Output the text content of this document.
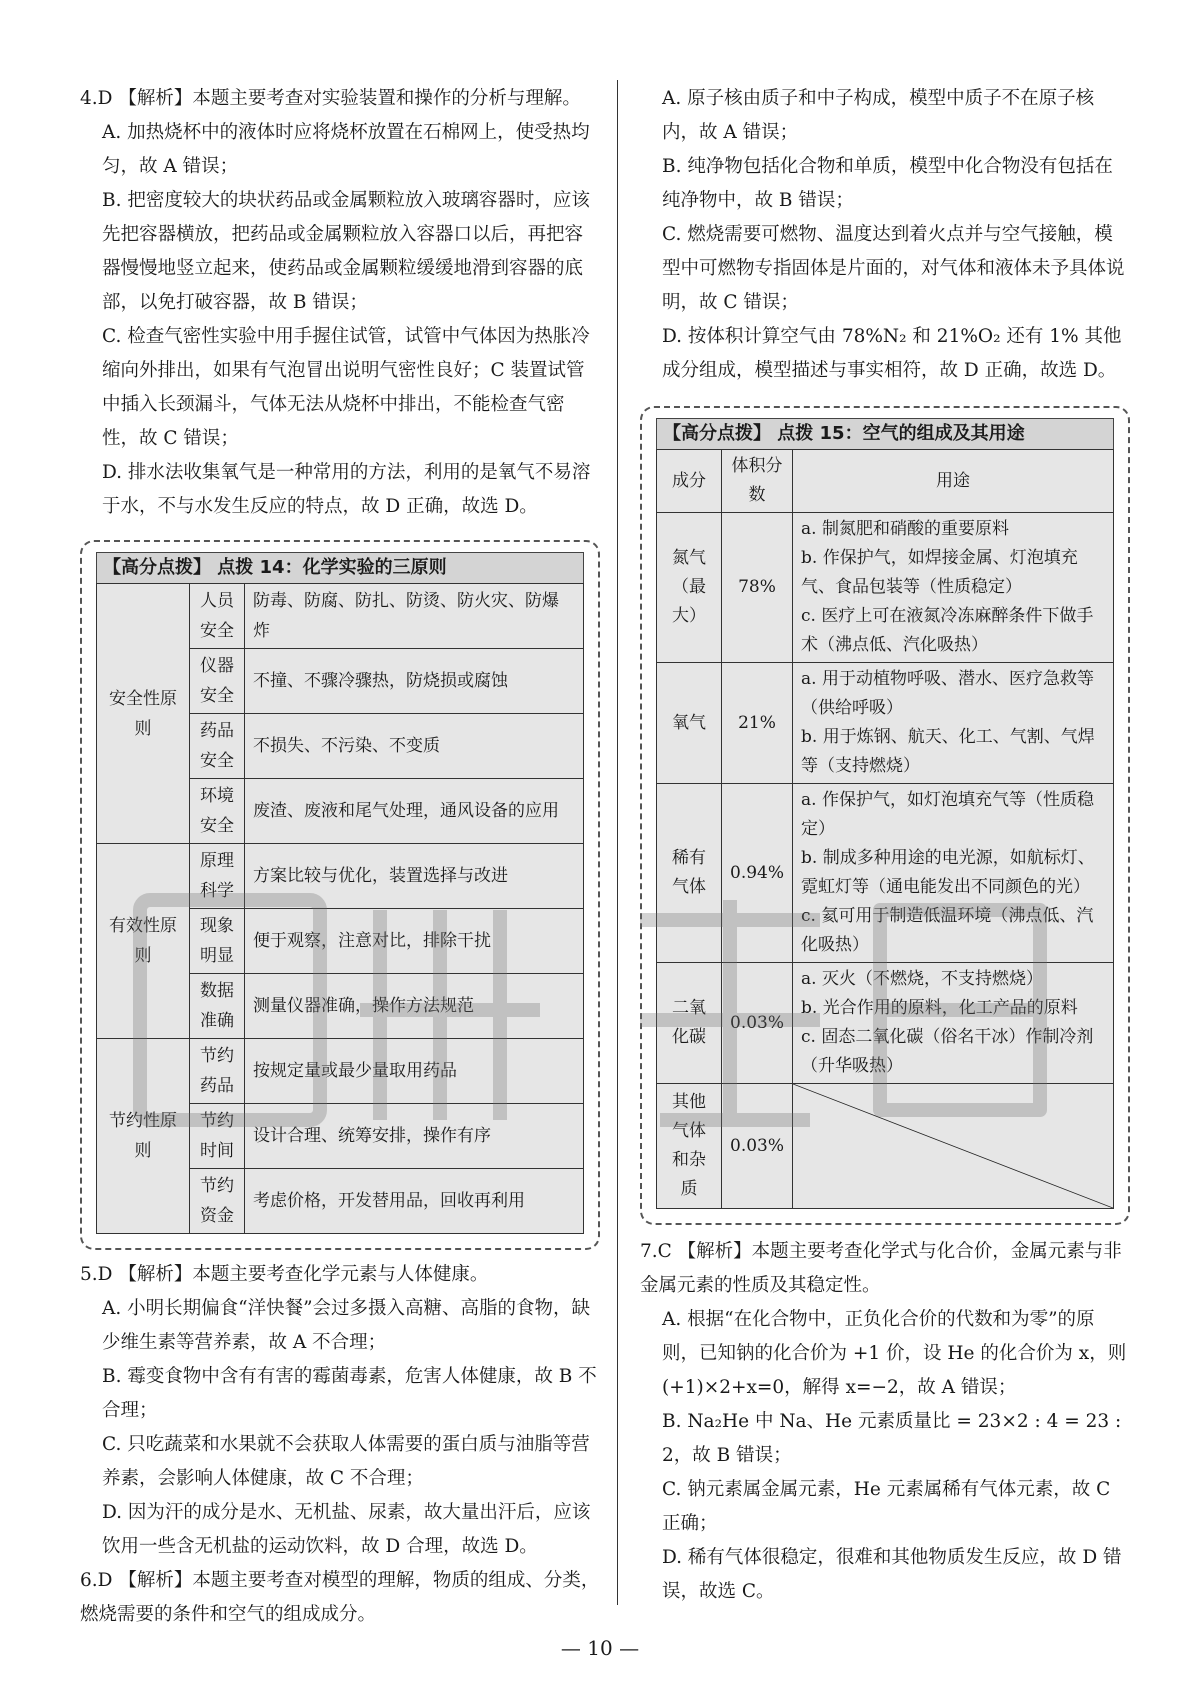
4.D 【解析】本题主要考查对实验装置和操作的分析与理解。

A. 加热烧杯中的液体时应将烧杯放置在石棉网上，使受热均匀，故 A 错误；

B. 把密度较大的块状药品或金属颗粒放入玻璃容器时，应该先把容器横放，把药品或金属颗粒放入容器口以后，再把容器慢慢地竖立起来，使药品或金属颗粒缓缓地滑到容器的底部，以免打破容器，故 B 错误；

C. 检查气密性实验中用手握住试管，试管中气体因为热胀冷缩向外排出，如果有气泡冒出说明气密性良好；C 装置试管中插入长颈漏斗，气体无法从烧杯中排出，不能检查气密性，故 C 错误；

D. 排水法收集氧气是一种常用的方法，利用的是氧气不易溶于水，不与水发生反应的特点，故 D 正确，故选 D。

【高分点拨】 点拨 14：化学实验的三原则
安全性原则	人员安全	防毒、防腐、防扎、防烫、防火灾、防爆炸
	仪器安全	不撞、不骤冷骤热，防烧损或腐蚀
	药品安全	不损失、不污染、不变质
	环境安全	废渣、废液和尾气处理，通风设备的应用
有效性原则	原理科学	方案比较与优化，装置选择与改进
	现象明显	便于观察，注意对比，排除干扰
	数据准确	测量仪器准确，操作方法规范
节约性原则	节约药品	按规定量或最少量取用药品
	节约时间	设计合理、统筹安排，操作有序
	节约资金	考虑价格，开发替用品，回收再利用

5.D 【解析】本题主要考查化学元素与人体健康。

A. 小明长期偏食“洋快餐”会过多摄入高糖、高脂的食物，缺少维生素等营养素，故 A 不合理；

B. 霉变食物中含有有害的霉菌毒素，危害人体健康，故 B 不合理；

C. 只吃蔬菜和水果就不会获取人体需要的蛋白质与油脂等营养素，会影响人体健康，故 C 不合理；

D. 因为汗的成分是水、无机盐、尿素，故大量出汗后，应该饮用一些含无机盐的运动饮料，故 D 合理，故选 D。

6.D 【解析】本题主要考查对模型的理解，物质的组成、分类，燃烧需要的条件和空气的组成成分。

A. 原子核由质子和中子构成，模型中质子不在原子核内，故 A 错误；

B. 纯净物包括化合物和单质，模型中化合物没有包括在纯净物中，故 B 错误；

C. 燃烧需要可燃物、温度达到着火点并与空气接触，模型中可燃物专指固体是片面的，对气体和液体未予具体说明，故 C 错误；

D. 按体积计算空气由 78%N₂ 和 21%O₂ 还有 1% 其他成分组成，模型描述与事实相符，故 D 正确，故选 D。

【高分点拨】 点拨 15：空气的组成及其用途
成分	体积分数	用途
氮气（最大）	78%	a. 制氮肥和硝酸的重要原料
b. 作保护气，如焊接金属、灯泡填充气、食品包装等（性质稳定）
c. 医疗上可在液氮冷冻麻醉条件下做手术（沸点低、汽化吸热）

氧气	21%	a. 用于动植物呼吸、潜水、医疗急救等（供给呼吸）
b. 用于炼钢、航天、化工、气割、气焊等（支持燃烧）

稀有气体	0.94%	a. 作保护气，如灯泡填充气等（性质稳定）
b. 制成多种用途的电光源，如航标灯、霓虹灯等（通电能发出不同颜色的光）
c. 氦可用于制造低温环境（沸点低、汽化吸热）

二氧化碳	0.03%	a. 灭火（不燃烧，不支持燃烧）
b. 光合作用的原料，化工产品的原料
c. 固态二氧化碳（俗名干冰）作制冷剂（升华吸热）

其他气体和杂质	0.03%	

7.C 【解析】本题主要考查化学式与化合价，金属元素与非金属元素的性质及其稳定性。

A. 根据“在化合物中，正负化合价的代数和为零”的原则，已知钠的化合价为 +1 价，设 He 的化合价为 x，则 (+1)×2+x=0，解得 x=−2，故 A 错误；

B. Na₂He 中 Na、He 元素质量比 = 23×2 : 4 = 23 : 2，故 B 错误；

C. 钠元素属金属元素，He 元素属稀有气体元素，故 C 正确；

D. 稀有气体很稳定，很难和其他物质发生反应，故 D 错误，故选 C。

— 10 —
